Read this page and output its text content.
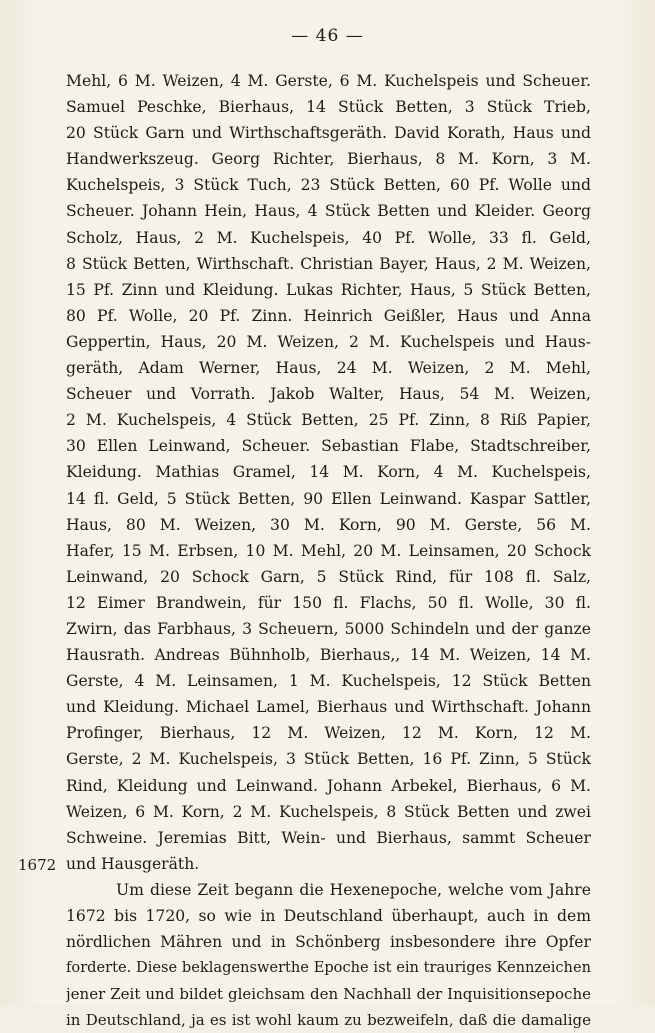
— 46 —
Mehl, 6 M. Weizen, 4 M. Gerste, 6 M. Kuchelspeis und Scheuer.
Samuel Peschke, Bierhaus, 14 Stück Betten, 3 Stück Trieb,
20 Stück Garn und Wirthschaftsgeräth. David Korath, Haus und
Handwerkszeug. Georg Richter, Bierhaus, 8 M. Korn, 3 M.
Kuchelspeis, 3 Stück Tuch, 23 Stück Betten, 60 Pf. Wolle und
Scheuer. Johann Hein, Haus, 4 Stück Betten und Kleider. Georg
Scholz, Haus, 2 M. Kuchelspeis, 40 Pf. Wolle, 33 fl. Geld,
8 Stück Betten, Wirthschaft. Christian Bayer, Haus, 2 M. Weizen,
15 Pf. Zinn und Kleidung. Lukas Richter, Haus, 5 Stück Betten,
80 Pf. Wolle, 20 Pf. Zinn. Heinrich Geißler, Haus und Anna
Geppertin, Haus, 20 M. Weizen, 2 M. Kuchelspeis und Haus-
geräth, Adam Werner, Haus, 24 M. Weizen, 2 M. Mehl,
Scheuer und Vorrath. Jakob Walter, Haus, 54 M. Weizen,
2 M. Kuchelspeis, 4 Stück Betten, 25 Pf. Zinn, 8 Riß Papier,
30 Ellen Leinwand, Scheuer. Sebastian Flabe, Stadtschreiber,
Kleidung. Mathias Gramel, 14 M. Korn, 4 M. Kuchelspeis,
14 fl. Geld, 5 Stück Betten, 90 Ellen Leinwand. Kaspar Sattler,
Haus, 80 M. Weizen, 30 M. Korn, 90 M. Gerste, 56 M.
Hafer, 15 M. Erbsen, 10 M. Mehl, 20 M. Leinsamen, 20 Schock
Leinwand, 20 Schock Garn, 5 Stück Rind, für 108 fl. Salz,
12 Eimer Brandwein, für 150 fl. Flachs, 50 fl. Wolle, 30 fl.
Zwirn, das Farbhaus, 3 Scheuern, 5000 Schindeln und der ganze
Hausrath. Andreas Bühnholb, Bierhaus,, 14 M. Weizen, 14 M.
Gerste, 4 M. Leinsamen, 1 M. Kuchelspeis, 12 Stück Betten
und Kleidung. Michael Lamel, Bierhaus und Wirthschaft. Johann
Profinger, Bierhaus, 12 M. Weizen, 12 M. Korn, 12 M.
Gerste, 2 M. Kuchelspeis, 3 Stück Betten, 16 Pf. Zinn, 5 Stück
Rind, Kleidung und Leinwand. Johann Arbekel, Bierhaus, 6 M.
Weizen, 6 M. Korn, 2 M. Kuchelspeis, 8 Stück Betten und zwei
Schweine. Jeremias Bitt, Wein- und Bierhaus, sammt Scheuer
und Hausgeräth.
Um diese Zeit begann die Hexenepoche, welche vom Jahre
1672 bis 1720, so wie in Deutschland überhaupt, auch in dem
nördlichen Mähren und in Schönberg insbesondere ihre Opfer
forderte. Diese beklagenswerthe Epoche ist ein trauriges Kennzeichen
jener Zeit und bildet gleichsam den Nachhall der Inquisitionsepoche
in Deutschland, ja es ist wohl kaum zu bezweifeln, daß die damalige
1672
